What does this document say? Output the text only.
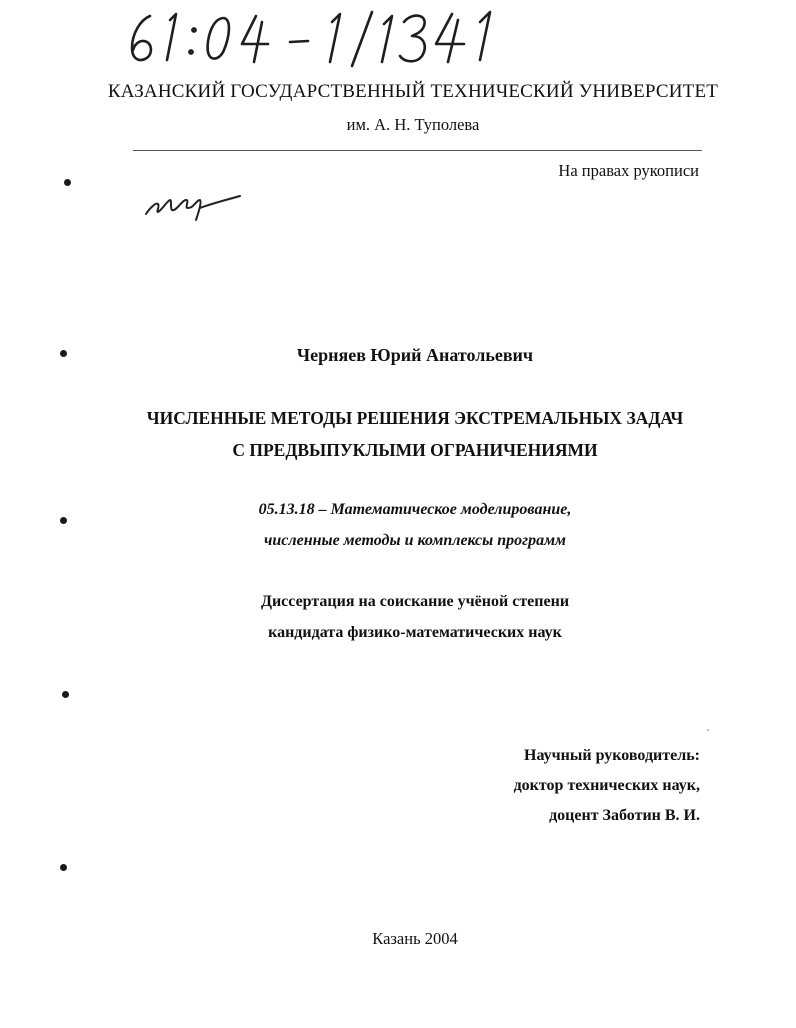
КАЗАНСКИЙ ГОСУДАРСТВЕННЫЙ ТЕХНИЧЕСКИЙ УНИВЕРСИТЕТ
им. А. Н. Туполева
На правах рукописи
Черняев Юрий Анатольевич
ЧИСЛЕННЫЕ МЕТОДЫ РЕШЕНИЯ ЭКСТРЕМАЛЬНЫХ ЗАДАЧ
С ПРЕДВЫПУКЛЫМИ ОГРАНИЧЕНИЯМИ
05.13.18 – Математическое моделирование,
численные методы и комплексы программ
Диссертация на соискание учёной степени
кандидата физико-математических наук
Научный руководитель:
доктор технических наук,
доцент Заботин В. И.
Казань 2004
